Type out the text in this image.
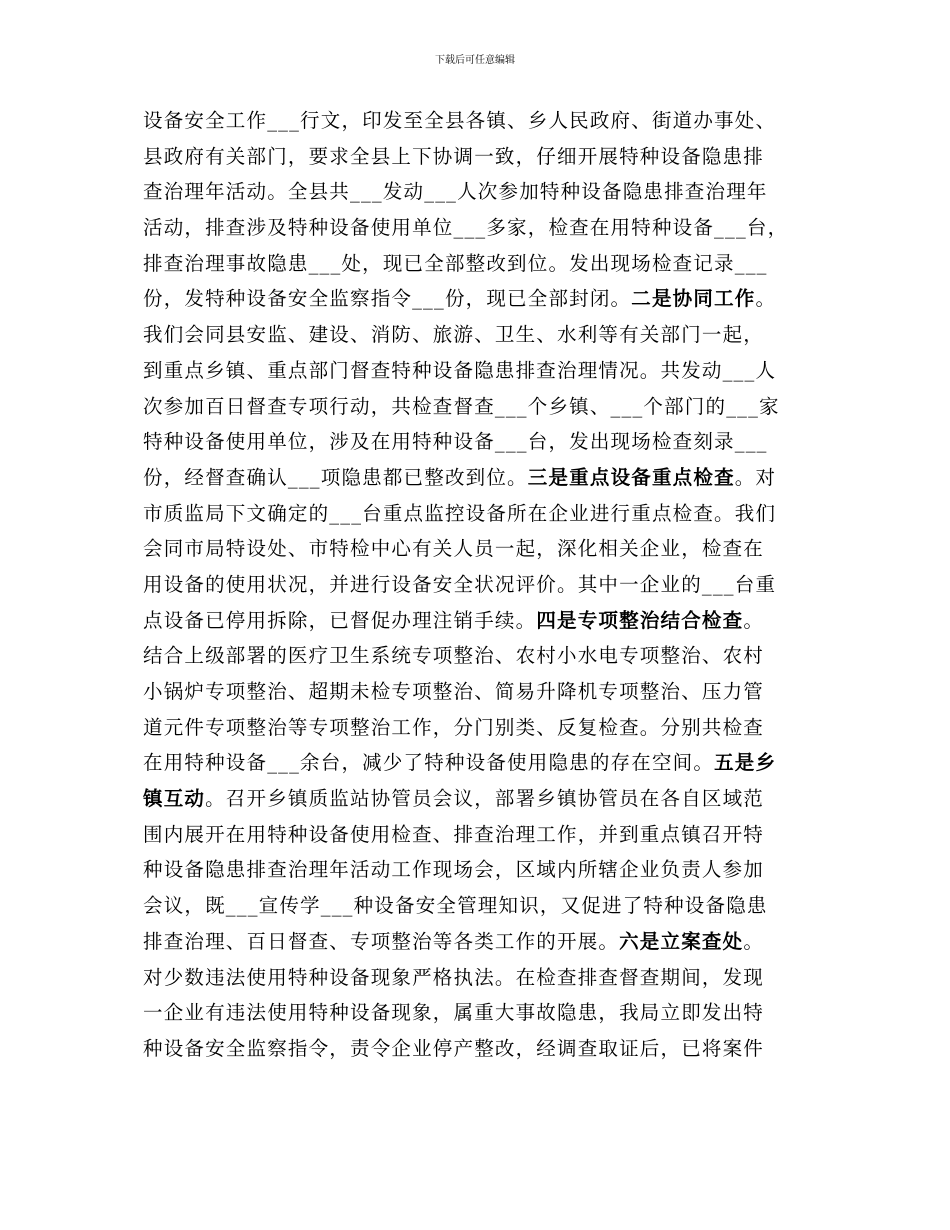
下载后可任意编辑
设备安全工作___行文，印发至全县各镇、乡人民政府、街道办事处、
县政府有关部门，要求全县上下协调一致，仔细开展特种设备隐患排
查治理年活动。全县共___发动___人次参加特种设备隐患排查治理年
活动，排查涉及特种设备使用单位___多家，检查在用特种设备___台，
排查治理事故隐患___处，现已全部整改到位。发出现场检查记录___
份，发特种设备安全监察指令___份，现已全部封闭。二是协同工作。
我们会同县安监、建设、消防、旅游、卫生、水利等有关部门一起，
到重点乡镇、重点部门督查特种设备隐患排查治理情况。共发动___人
次参加百日督查专项行动，共检查督查___个乡镇、___个部门的___家
特种设备使用单位，涉及在用特种设备___台，发出现场检查刻录___
份，经督查确认___项隐患都已整改到位。三是重点设备重点检查。对
市质监局下文确定的___台重点监控设备所在企业进行重点检查。我们
会同市局特设处、市特检中心有关人员一起，深化相关企业，检查在
用设备的使用状况，并进行设备安全状况评价。其中一企业的___台重
点设备已停用拆除，已督促办理注销手续。四是专项整治结合检查。
结合上级部署的医疗卫生系统专项整治、农村小水电专项整治、农村
小锅炉专项整治、超期未检专项整治、简易升降机专项整治、压力管
道元件专项整治等专项整治工作，分门别类、反复检查。分别共检查
在用特种设备___余台，减少了特种设备使用隐患的存在空间。五是乡
镇互动。召开乡镇质监站协管员会议，部署乡镇协管员在各自区域范
围内展开在用特种设备使用检查、排查治理工作，并到重点镇召开特
种设备隐患排查治理年活动工作现场会，区域内所辖企业负责人参加
会议，既___宣传学___种设备安全管理知识，又促进了特种设备隐患
排查治理、百日督查、专项整治等各类工作的开展。六是立案查处。
对少数违法使用特种设备现象严格执法。在检查排查督查期间，发现
一企业有违法使用特种设备现象，属重大事故隐患，我局立即发出特
种设备安全监察指令，责令企业停产整改，经调查取证后，已将案件
